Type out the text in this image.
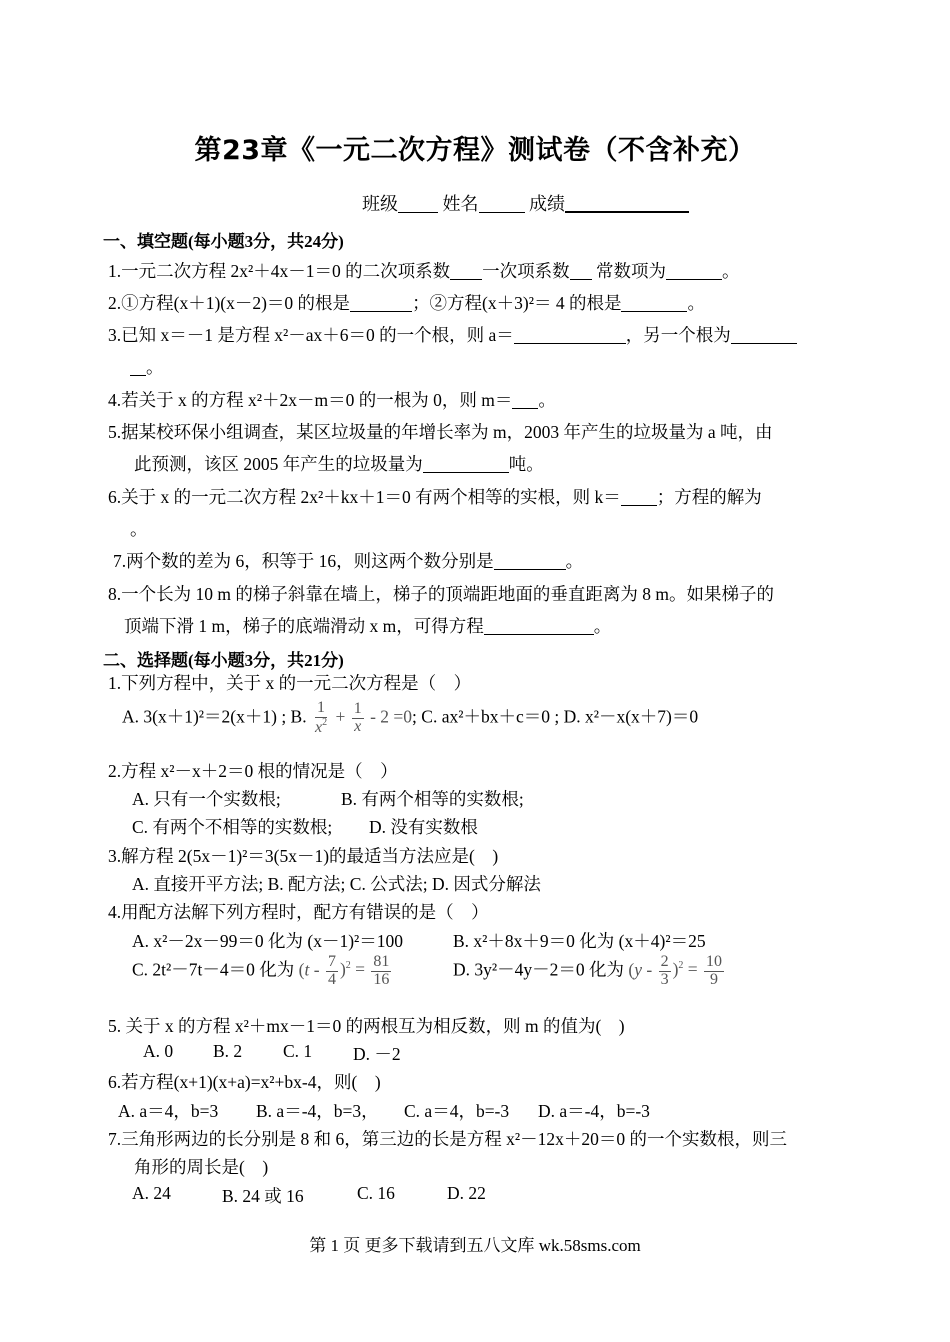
第23章《一元二次方程》测试卷（不含补充）
班级 姓名	成绩
一、填空题(每小题3分，共24分)
1.一元二次方程 2x²＋4x－1＝0 的二次项系数 一次项系数 常数项为	。
2.①方程(x＋1)(x－2)＝0 的根是	；②方程(x＋3)²＝ 4 的根是	。
3.已知 x＝－1 是方程 x²－ax＋6＝0 的一个根，则 a＝	，另一个根为
。
4.若关于 x 的方程 x²＋2x－m＝0 的一根为 0，则 m＝ 。
5.据某校环保小组调查，某区垃圾量的年增长率为 m，2003 年产生的垃圾量为 a 吨，由
此预测，该区 2005 年产生的垃圾量为	吨。
6.关于 x 的一元二次方程 2x²＋kx＋1＝0 有两个相等的实根，则 k＝ ；方程的解为
。
7.两个数的差为 6，积等于 16，则这两个数分别是	。
8.一个长为 10 m 的梯子斜靠在墙上，梯子的顶端距地面的垂直距离为 8 m。如果梯子的
顶端下滑 1 m，梯子的底端滑动 x m，可得方程	。
二、选择题(每小题3分，共21分)
1.下列方程中，关于 x 的一元二次方程是（　）
A. 3(x＋1)²＝2(x＋1) ; B. $\frac{1}{x^2} + \frac{1}{x} - 2 =0$; C. ax²＋bx＋c＝0 ; D. x²－x(x＋7)＝0
2.方程 x²－x＋2＝0 根的情况是（　）
A. 只有一个实数根;	B. 有两个相等的实数根;
C. 有两个不相等的实数根; D. 没有实数根
3.解方程 2(5x－1)²＝3(5x－1)的最适当方法应是(　)
A. 直接开平方法; B. 配方法; C. 公式法; D. 因式分解法
4.用配方法解下列方程时，配方有错误的是（　）
A. x²－2x－99＝0 化为 (x－1)²＝100	B. x²＋8x＋9＝0 化为 (x＋4)²＝25
C. 2t²－7t－4＝0 化为 $(t - \frac{7}{4} )^2 = \frac{81}{16}$	D. 3y²－4y－2＝0 化为 $(y - \frac{2}{3} )^2 = \frac{10}{9}$
5. 关于 x 的方程 x²＋mx－1＝0 的两根互为相反数，则 m 的值为(　)
A. 0 B. 2 C. 1 D. －2
6.若方程(x+1)(x+a)=x²+bx-4，则(　)
A. a＝4，b=3 B. a＝-4，b=3， C. a＝4，b=-3 D. a＝-4，b=-3
7.三角形两边的长分别是 8 和 6，第三边的长是方程 x²－12x＋20＝0 的一个实数根，则三
角形的周长是(　)
A. 24	B. 24 或 16	C. 16	D. 22
第 1 页 更多下载请到五八文库 wk.58sms.com
